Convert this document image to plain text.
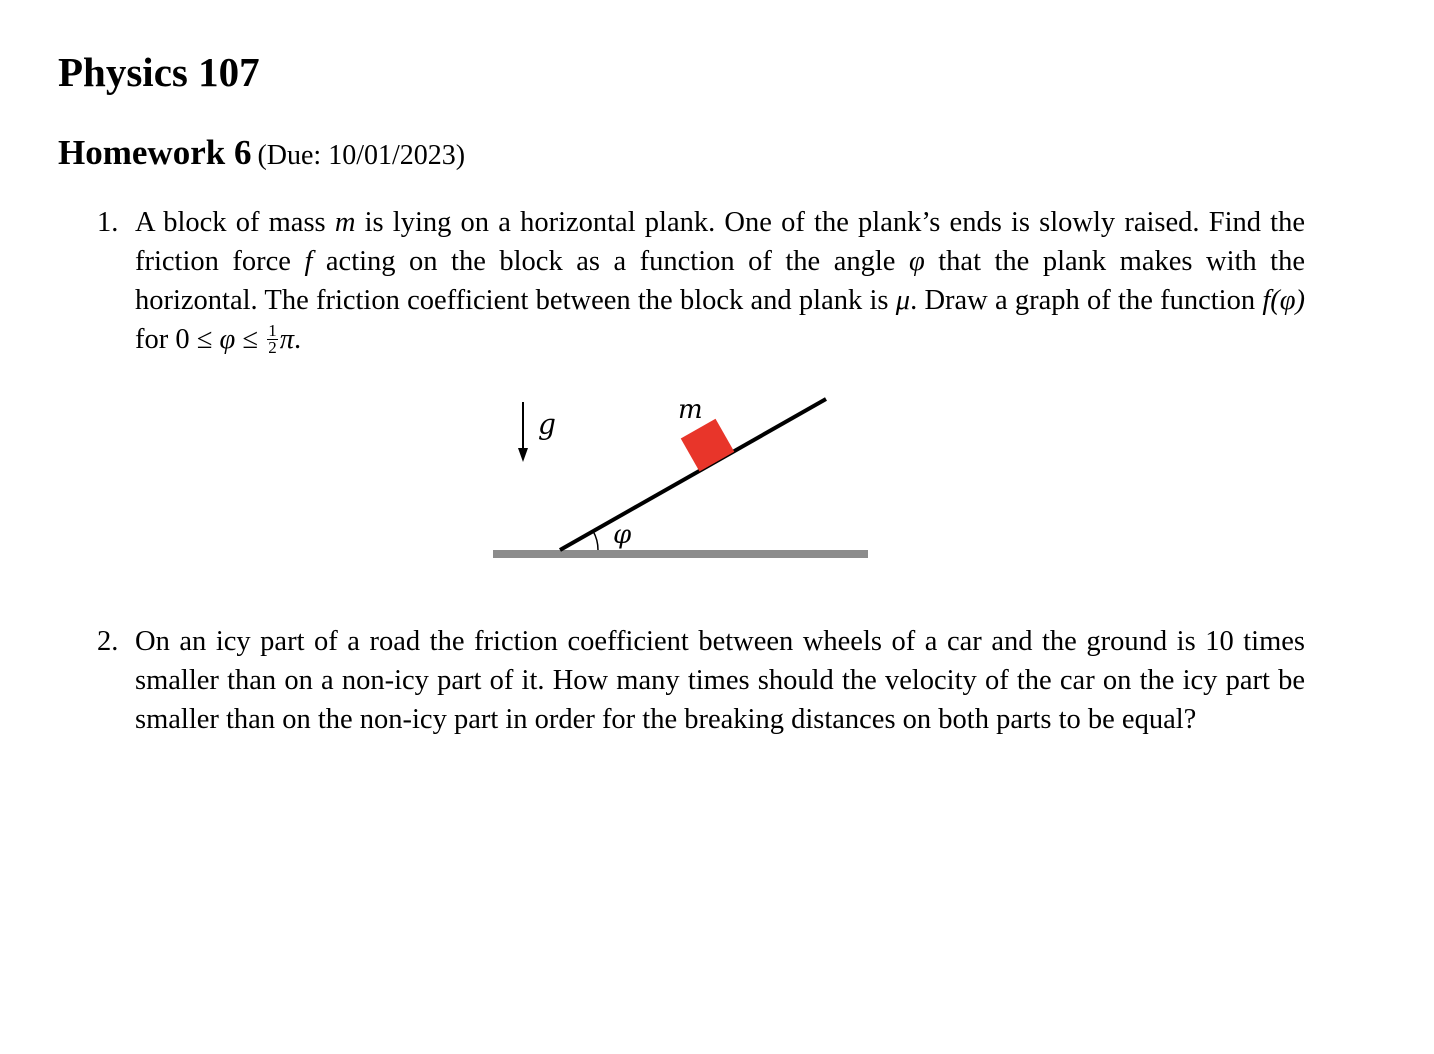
Physics 107
Homework 6 (Due: 10/01/2023)

1. A block of mass m is lying on a horizontal plank. One of the plank’s ends is slowly raised. Find the friction force f acting on the block as a function of the angle φ that the plank makes with the horizontal. The friction coefficient between the block and plank is μ. Draw a graph of the function f(φ) for $0 \le \varphi \le \frac{1}{2} \pi$.

g
φ
m

2. On an icy part of a road the friction coefficient between wheels of a car and the ground is 10 times smaller than on a non-icy part of it. How many times should the velocity of the car on the icy part be smaller than on the non-icy part in order for the breaking distances on both parts to be equal?
